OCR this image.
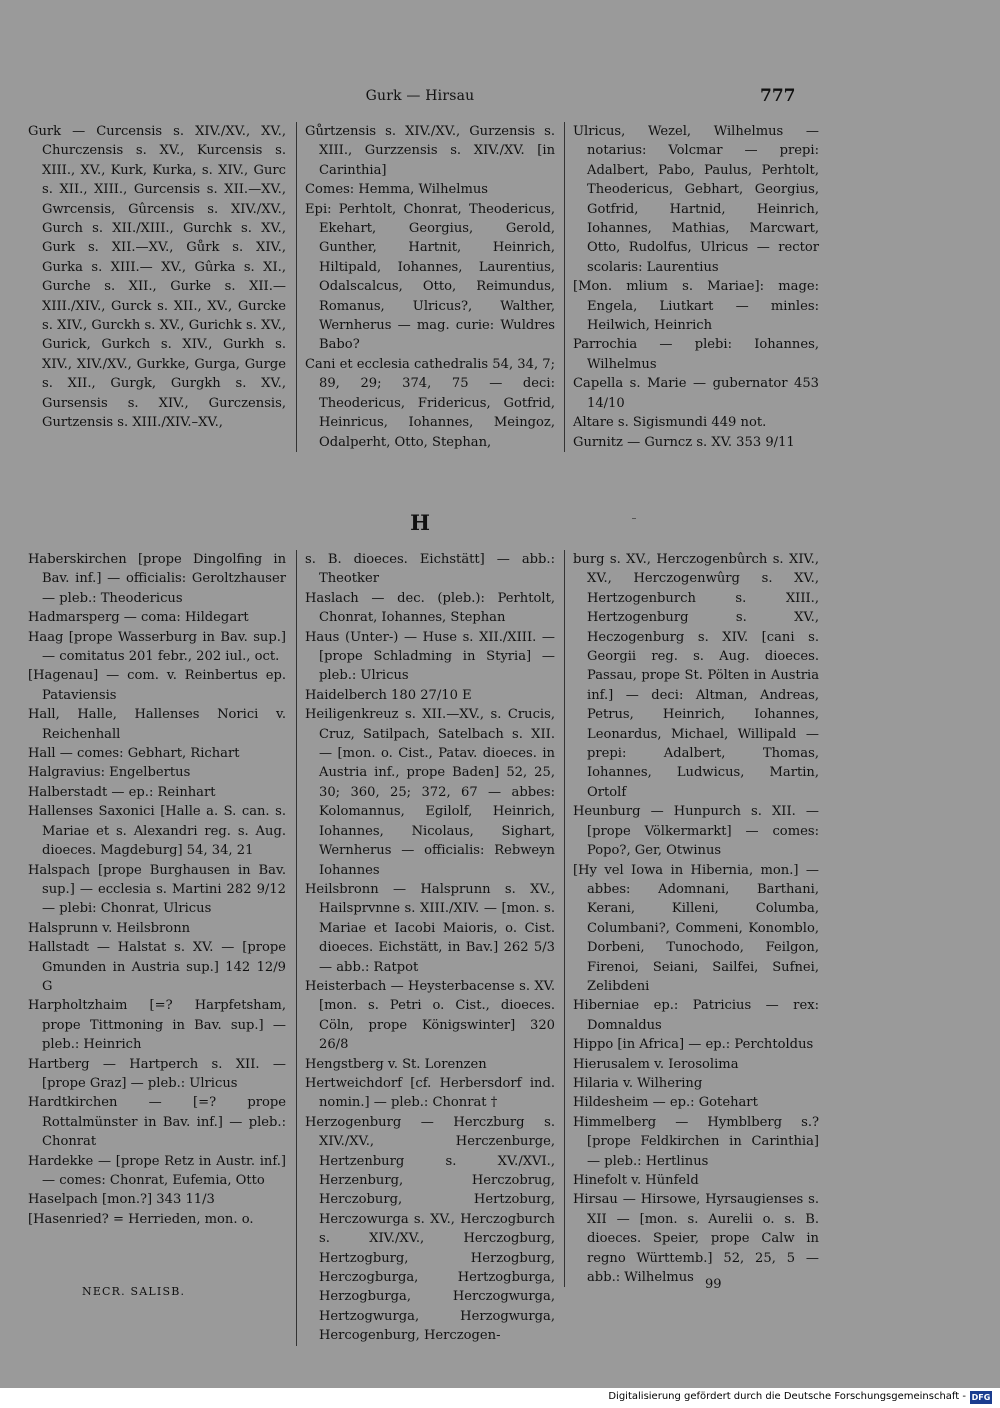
Gurk — Hirsau	777

Gurk — Curcensis s. XIV./XV., XV., Churczensis s. XV., Kurcensis s. XIII., XV., Kurk, Kurka, s. XIV., Gurc s. XII., XIII., Gurcensis s. XII.—XV., Gwrcensis, Gûrcensis s. XIV./XV., Gurch s. XII./XIII., Gurchk s. XV., Gurk s. XII.—XV., Gůrk s. XIV., Gurka s. XIII.— XV., Gûrka s. XI., Gurche s. XII., Gurke s. XII.—XIII./XIV., Gurck s. XII., XV., Gurcke s. XIV., Gurckh s. XV., Gurichk s. XV., Gurick, Gurkch s. XIV., Gurkh s. XIV., XIV./XV., Gurkke, Gurga, Gurge s. XII., Gurgk, Gurgkh s. XV., Gursensis s. XIV., Gurczensis, Gurtzensis s. XIII./XIV.–XV.,

Gůrtzensis s. XIV./XV., Gurzensis s. XIII., Gurzzensis s. XIV./XV. [in Carinthia]

Comes: Hemma, Wilhelmus

Epi: Perhtolt, Chonrat, Theodericus, Ekehart, Georgius, Gerold, Gunther, Hartnit, Heinrich, Hiltipald, Iohannes, Laurentius, Odalscalcus, Otto, Reimundus, Romanus, Ulricus?, Walther, Wernherus — mag. curie: Wuldres Babo?

Cani et ecclesia cathedralis 54, 34, 7; 89, 29; 374, 75 — deci: Theodericus, Fridericus, Gotfrid, Heinricus, Iohannes, Meingoz, Odalperht, Otto, Stephan,

Ulricus, Wezel, Wilhelmus — notarius: Volcmar — prepi: Adalbert, Pabo, Paulus, Perhtolt, Theodericus, Gebhart, Georgius, Gotfrid, Hartnid, Heinrich, Iohannes, Mathias, Marcwart, Otto, Rudolfus, Ulricus — rector scolaris: Laurentius

[Mon. mlium s. Mariae]: mage: Engela, Liutkart — minles: Heilwich, Heinrich

Parrochia — plebi: Iohannes, Wilhelmus

Capella s. Marie — gubernator 453 14/10

Altare s. Sigismundi 449 not.

Gurnitz — Gurncz s. XV. 353 9/11

H

Haberskirchen [prope Dingolfing in Bav. inf.] — officialis: Geroltzhauser — pleb.: Theodericus

Hadmarsperg — coma: Hildegart

Haag [prope Wasserburg in Bav. sup.] — comitatus 201 febr., 202 iul., oct.

[Hagenau] — com. v. Reinbertus ep. Pataviensis

Hall, Halle, Hallenses Norici v. Reichenhall

Hall — comes: Gebhart, Richart

Halgravius: Engelbertus

Halberstadt — ep.: Reinhart

Hallenses Saxonici [Halle a. S. can. s. Mariae et s. Alexandri reg. s. Aug. dioeces. Magdeburg] 54, 34, 21

Halspach [prope Burghausen in Bav. sup.] — ecclesia s. Martini 282 9/12 — plebi: Chonrat, Ulricus

Halsprunn v. Heilsbronn

Hallstadt — Halstat s. XV. — [prope Gmunden in Austria sup.] 142 12/9 G

Harpholtzhaim [=? Harpfetsham, prope Tittmoning in Bav. sup.] — pleb.: Heinrich

Hartberg — Hartperch s. XII. — [prope Graz] — pleb.: Ulricus

Hardtkirchen — [=? prope Rottalmünster in Bav. inf.] — pleb.: Chonrat

Hardekke — [prope Retz in Austr. inf.] — comes: Chonrat, Eufemia, Otto

Haselpach [mon.?] 343 11/3

[Hasenried? = Herrieden, mon. o.

s. B. dioeces. Eichstätt] — abb.: Theotker

Haslach — dec. (pleb.): Perhtolt, Chonrat, Iohannes, Stephan

Haus (Unter-) — Huse s. XII./XIII. — [prope Schladming in Styria] — pleb.: Ulricus

Haidelberch 180 27/10 E

Heiligenkreuz s. XII.—XV., s. Crucis, Cruz, Satilpach, Satelbach s. XII. — [mon. o. Cist., Patav. dioeces. in Austria inf., prope Baden] 52, 25, 30; 360, 25; 372, 67 — abbes: Kolomannus, Egilolf, Heinrich, Iohannes, Nicolaus, Sighart, Wernherus — officialis: Rebweyn Iohannes

Heilsbronn — Halsprunn s. XV., Hailsprvnne s. XIII./XIV. — [mon. s. Mariae et Iacobi Maioris, o. Cist. dioeces. Eichstätt, in Bav.] 262 5/3 — abb.: Ratpot

Heisterbach — Heysterbacense s. XV. [mon. s. Petri o. Cist., dioeces. Cöln, prope Königswinter] 320 26/8

Hengstberg v. St. Lorenzen

Hertweichdorf [cf. Herbersdorf ind. nomin.] — pleb.: Chonrat †

Herzogenburg — Herczburg s. XIV./XV., Herczenburge, Hertzenburg s. XV./XVI., Herzenburg, Herczobrug, Herczoburg, Hertzoburg, Herczowurga s. XV., Herczogburch s. XIV./XV., Herczogburg, Hertzogburg, Herzogburg, Herczogburga, Hertzogburga, Herzogburga, Herczogwurga, Hertzogwurga, Herzogwurga, Hercogenburg, Herczogen-

burg s. XV., Herczogenbûrch s. XIV., XV., Herczogenwûrg s. XV., Hertzogenburch s. XIII., Hertzogenburg s. XV., Heczogenburg s. XIV. [cani s. Georgii reg. s. Aug. dioeces. Passau, prope St. Pölten in Austria inf.] — deci: Altman, Andreas, Petrus, Heinrich, Iohannes, Leonardus, Michael, Willipald — prepi: Adalbert, Thomas, Iohannes, Ludwicus, Martin, Ortolf

Heunburg — Hunpurch s. XII. — [prope Völkermarkt] — comes: Popo?, Ger, Otwinus

[Hy vel Iowa in Hibernia, mon.] — abbes: Adomnani, Barthani, Kerani, Killeni, Columba, Columbani?, Commeni, Konomblo, Dorbeni, Tunochodo, Feilgon, Firenoi, Seiani, Sailfei, Sufnei, Zelibdeni

Hiberniae ep.: Patricius — rex: Domnaldus

Hippo [in Africa] — ep.: Perchtoldus

Hierusalem v. Ierosolima

Hilaria v. Wilhering

Hildesheim — ep.: Gotehart

Himmelberg — Hymblberg s.? [prope Feldkirchen in Carinthia] — pleb.: Hertlinus

Hinefolt v. Hünfeld

Hirsau — Hirsowe, Hyrsaugienses s. XII — [mon. s. Aurelii o. s. B. dioeces. Speier, prope Calw in regno Württemb.] 52, 25, 5 — abb.: Wilhelmus

NECR. SALISB.	99
Digitalisierung gefördert durch die Deutsche Forschungsgemeinschaft - DFG
